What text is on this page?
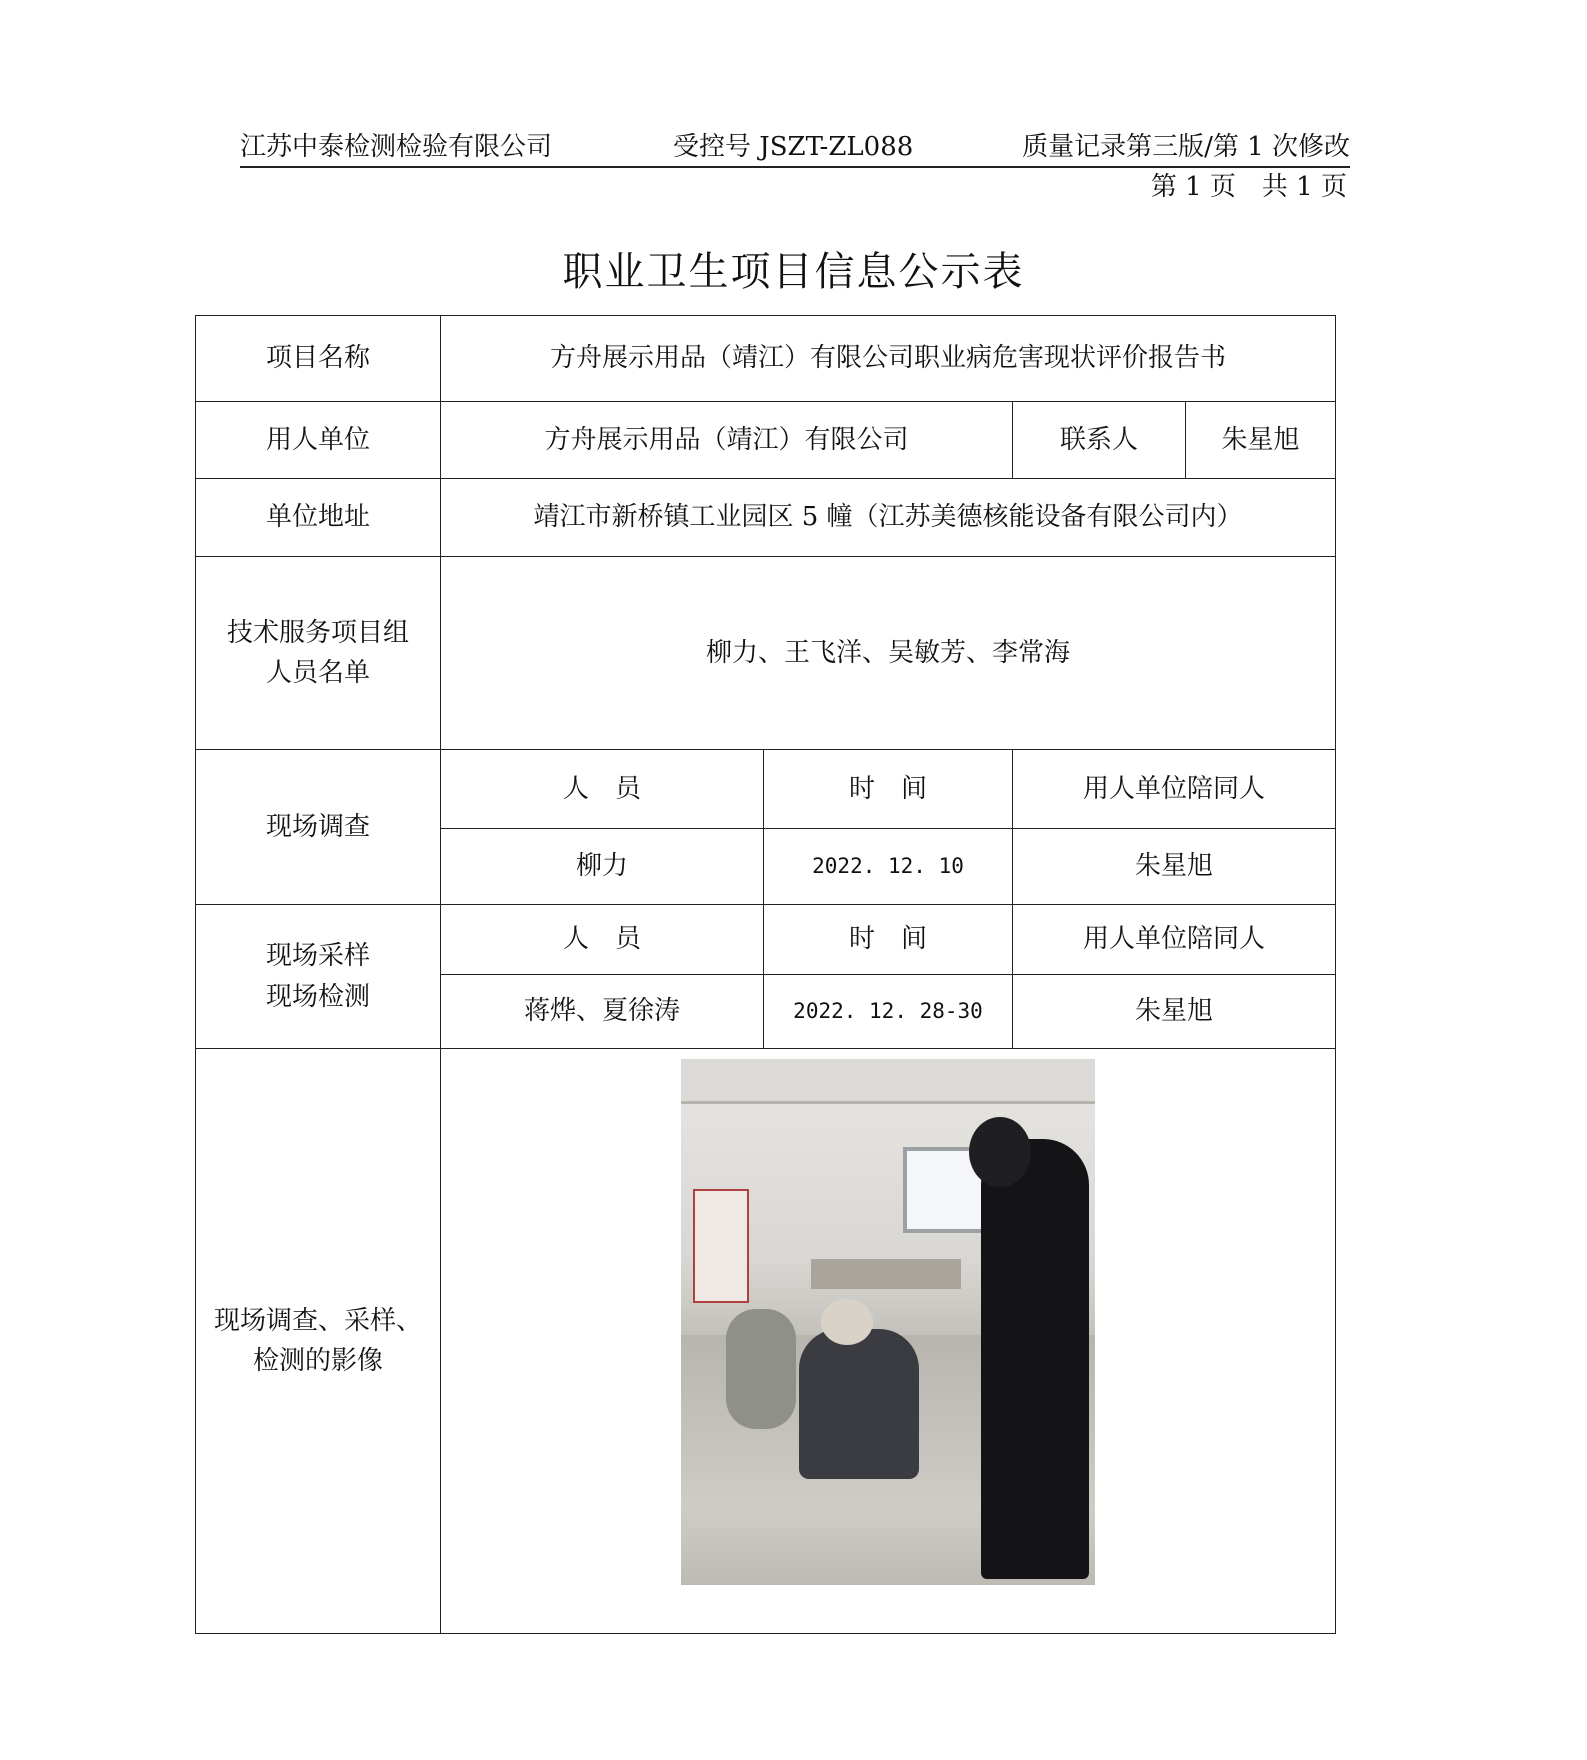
江苏中泰检测检验有限公司	受控号 JSZT-ZL088	质量记录第三版/第 1 次修改
第 1 页　共 1 页
职业卫生项目信息公示表
项目名称	方舟展示用品（靖江）有限公司职业病危害现状评价报告书			
用人单位	方舟展示用品（靖江）有限公司		联系人	朱星旭
单位地址	靖江市新桥镇工业园区 5 幢（江苏美德核能设备有限公司内）			

技术服务项目组
人员名单	柳力、王飞洋、吴敏芳、李常海			
现场调查	人　员	时　间	用人单位陪同人	
	柳力	2022. 12. 10	朱星旭	

现场采样
现场检测	人　员	时　间	用人单位陪同人	
	蒋烨、夏徐涛	2022. 12. 28-30	朱星旭	

现场调查、采样、
检测的影像				
